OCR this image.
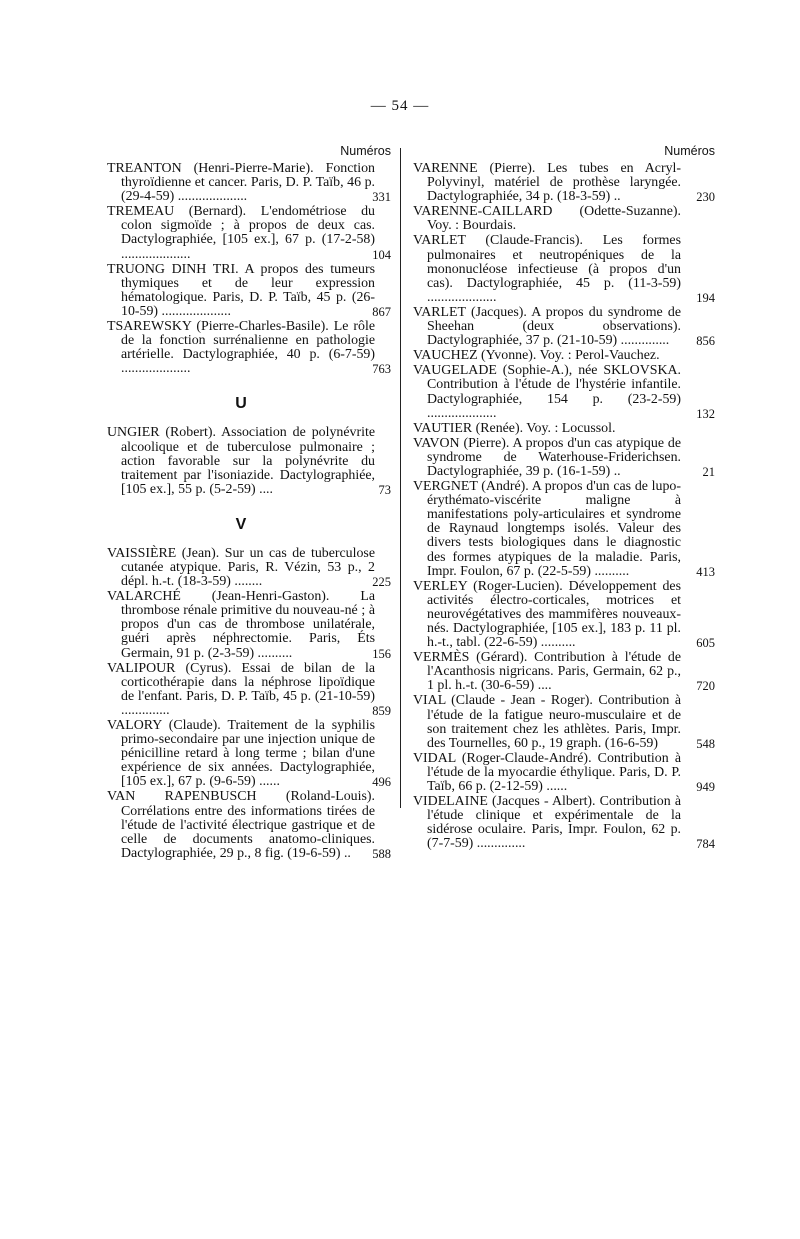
— 54 —
Numéros
TREANTON (Henri-Pierre-Marie). Fonction thyroïdienne et cancer. Paris, D. P. Taïb, 46 p. (29-4-59) ....................	331
TREMEAU (Bernard). L'endométriose du colon sigmoïde ; à propos de deux cas. Dactylographiée, [105 ex.], 67 p. (17-2-58) ....................	104
TRUONG DINH TRI. A propos des tumeurs thymiques et de leur expression hématologique. Paris, D. P. Taïb, 45 p. (26-10-59) ....................	867
TSAREWSKY (Pierre-Charles-Basile). Le rôle de la fonction surrénalienne en pathologie artérielle. Dactylographiée, 40 p. (6-7-59) ....................	763
U
UNGIER (Robert). Association de polynévrite alcoolique et de tuberculose pulmonaire ; action favorable sur la polynévrite du traitement par l'isoniazide. Dactylographiée, [105 ex.], 55 p. (5-2-59) ....	73
V
VAISSIÈRE (Jean). Sur un cas de tuberculose cutanée atypique. Paris, R. Vézin, 53 p., 2 dépl. h.-t. (18-3-59) ........	225
VALARCHÉ (Jean-Henri-Gaston). La thrombose rénale primitive du nouveau-né ; à propos d'un cas de thrombose unilatérale, guéri après néphrectomie. Paris, Éts Germain, 91 p. (2-3-59) ..........	156
VALIPOUR (Cyrus). Essai de bilan de la corticothérapie dans la néphrose lipoïdique de l'enfant. Paris, D. P. Taïb, 45 p. (21-10-59) ..............	859
VALORY (Claude). Traitement de la syphilis primo-secondaire par une injection unique de pénicilline retard à long terme ; bilan d'une expérience de six années. Dactylographiée, [105 ex.], 67 p. (9-6-59) ......	496
VAN RAPENBUSCH (Roland-Louis). Corrélations entre des informations tirées de l'étude de l'activité électrique gastrique et de celle de documents anatomo-cliniques. Dactylographiée, 29 p., 8 fig. (19-6-59) ..	588
Numéros
VARENNE (Pierre). Les tubes en Acryl-Polyvinyl, matériel de prothèse laryngée. Dactylographiée, 34 p. (18-3-59) ..	230
VARENNE-CAILLARD (Odette-Suzanne). Voy. : Bourdais.
VARLET (Claude-Francis). Les formes pulmonaires et neutropéniques de la mononucléose infectieuse (à propos d'un cas). Dactylographiée, 45 p. (11-3-59) ....................	194
VARLET (Jacques). A propos du syndrome de Sheehan (deux observations). Dactylographiée, 37 p. (21-10-59) ..............	856
VAUCHEZ (Yvonne). Voy. : Perol-Vauchez.
VAUGELADE (Sophie-A.), née SKLOVSKA. Contribution à l'étude de l'hystérie infantile. Dactylographiée, 154 p. (23-2-59) ....................	132
VAUTIER (Renée). Voy. : Locussol.
VAVON (Pierre). A propos d'un cas atypique de syndrome de Waterhouse-Friderichsen. Dactylographiée, 39 p. (16-1-59) ..	21
VERGNET (André). A propos d'un cas de lupo-érythémato-viscérite maligne à manifestations poly-articulaires et syndrome de Raynaud longtemps isolés. Valeur des divers tests biologiques dans le diagnostic des formes atypiques de la maladie. Paris, Impr. Foulon, 67 p. (22-5-59) ..........	413
VERLEY (Roger-Lucien). Développement des activités électro-corticales, motrices et neurovégétatives des mammifères nouveaux-nés. Dactylographiée, [105 ex.], 183 p. 11 pl. h.-t., tabl. (22-6-59) ..........	605
VERMÈS (Gérard). Contribution à l'étude de l'Acanthosis nigricans. Paris, Germain, 62 p., 1 pl. h.-t. (30-6-59) ....	720
VIAL (Claude - Jean - Roger). Contribution à l'étude de la fatigue neuro-musculaire et de son traitement chez les athlètes. Paris, Impr. des Tournelles, 60 p., 19 graph. (16-6-59)	548
VIDAL (Roger-Claude-André). Contribution à l'étude de la myocardie éthylique. Paris, D. P. Taïb, 66 p. (2-12-59) ......	949
VIDELAINE (Jacques - Albert). Contribution à l'étude clinique et expérimentale de la sidérose oculaire. Paris, Impr. Foulon, 62 p. (7-7-59) ..............	784
